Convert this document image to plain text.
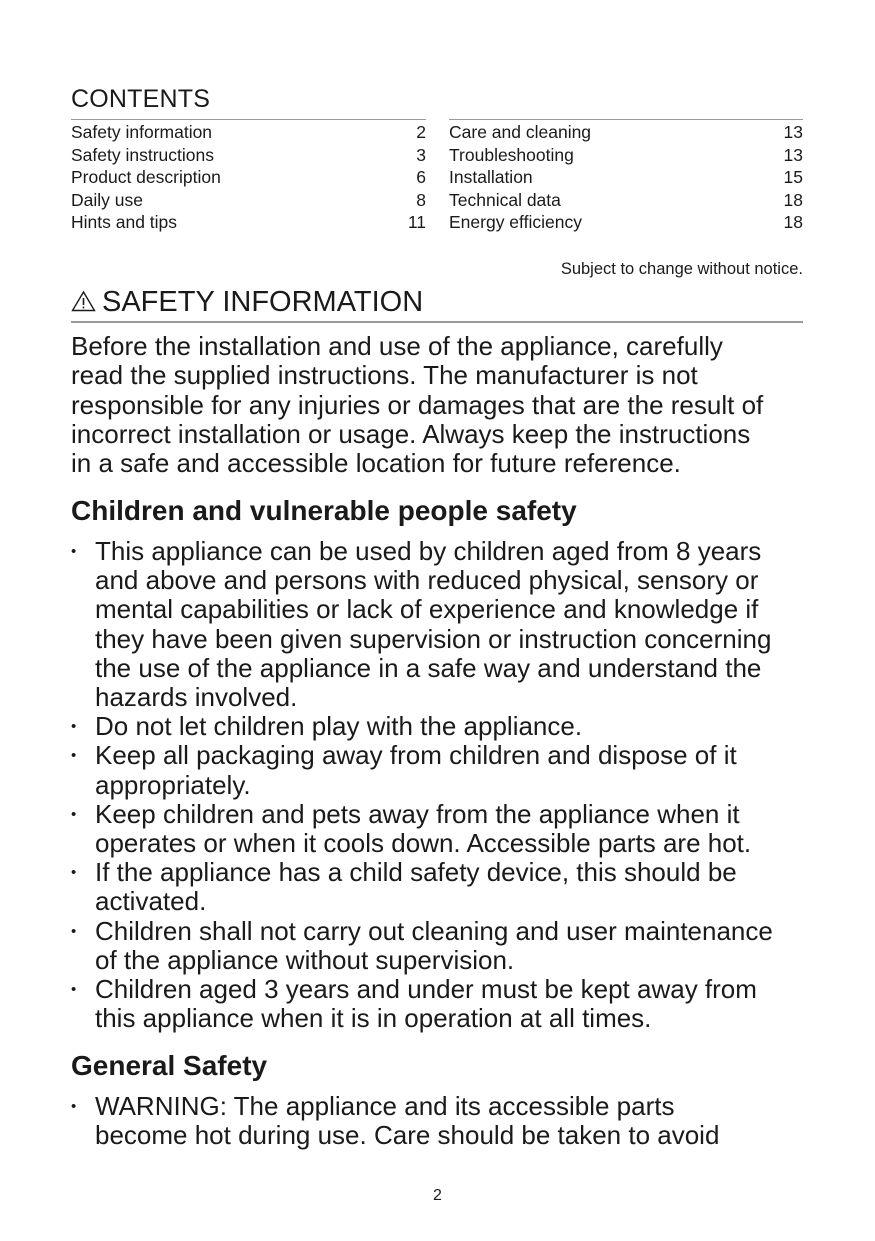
CONTENTS
Safety information	2
Safety instructions	3
Product description	6
Daily use	8
Hints and tips	11
Care and cleaning	13
Troubleshooting	13
Installation	15
Technical data	18
Energy efficiency	18
Subject to change without notice.
SAFETY INFORMATION
Before the installation and use of the appliance, carefully
read the supplied instructions. The manufacturer is not
responsible for any injuries or damages that are the result of
incorrect installation or usage. Always keep the instructions
in a safe and accessible location for future reference.
Children and vulnerable people safety
• This appliance can be used by children aged from 8 years
and above and persons with reduced physical, sensory or
mental capabilities or lack of experience and knowledge if
they have been given supervision or instruction concerning
the use of the appliance in a safe way and understand the
hazards involved.
• Do not let children play with the appliance.
• Keep all packaging away from children and dispose of it
appropriately.
• Keep children and pets away from the appliance when it
operates or when it cools down. Accessible parts are hot.
• If the appliance has a child safety device, this should be
activated.
• Children shall not carry out cleaning and user maintenance
of the appliance without supervision.
• Children aged 3 years and under must be kept away from
this appliance when it is in operation at all times.
General Safety
• WARNING: The appliance and its accessible parts
become hot during use. Care should be taken to avoid
2
